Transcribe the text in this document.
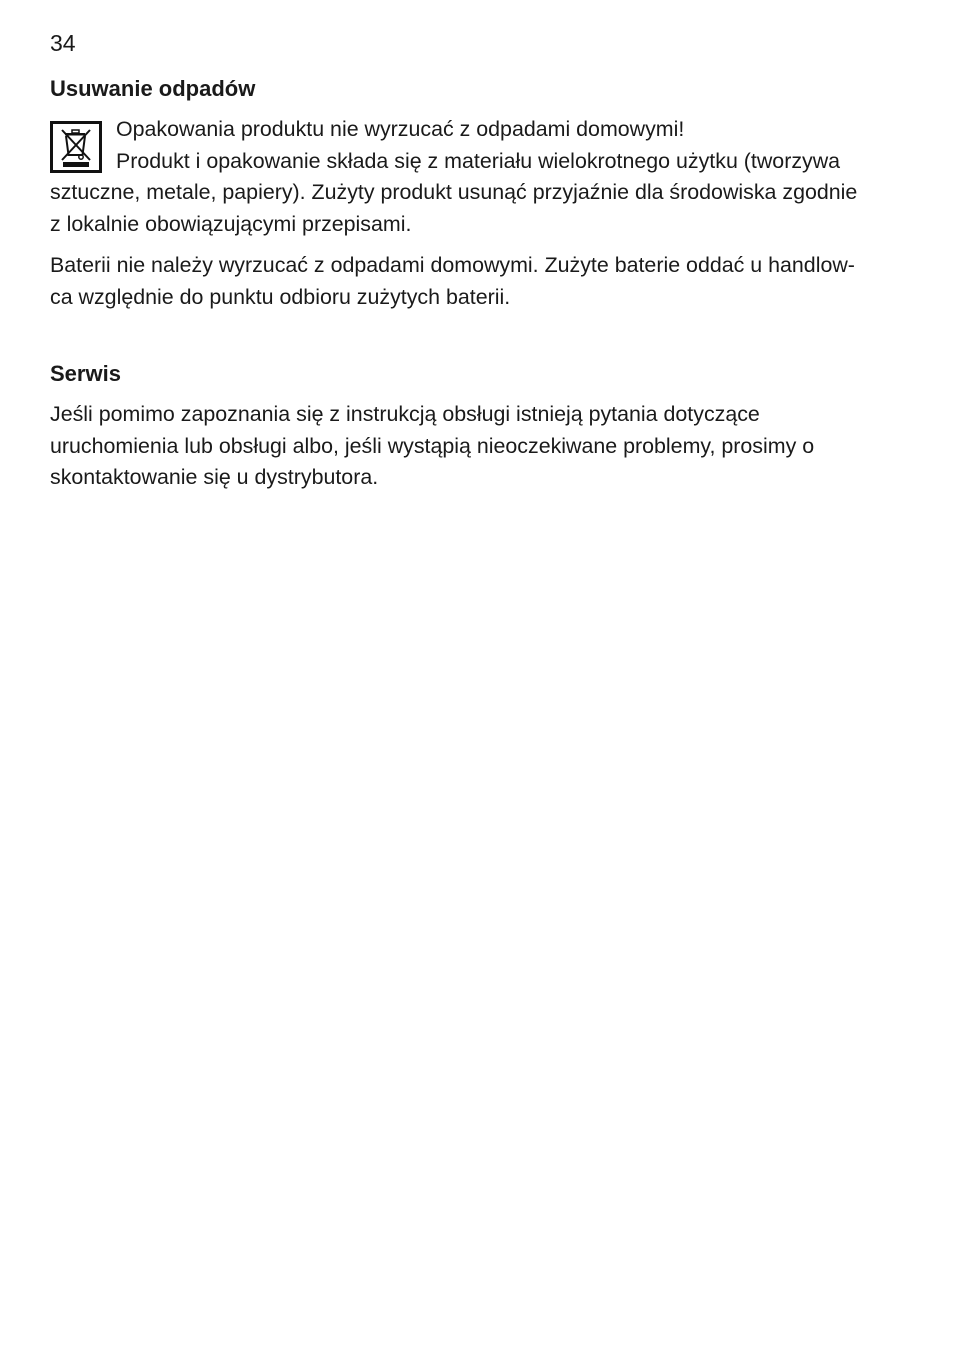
34
Usuwanie odpadów

Opakowania produktu nie wyrzucać z odpadami domowymi!
Produkt i opakowanie składa się z materiału wielokrotnego użytku (tworzywa
sztuczne, metale, papiery). Zużyty produkt usunąć przyjaźnie dla środowiska zgodnie
z lokalnie obowiązującymi przepisami.

Baterii nie należy wyrzucać z odpadami domowymi. Zużyte baterie oddać u handlow-
ca względnie do punktu odbioru zużytych baterii.

Serwis

Jeśli pomimo zapoznania się z instrukcją obsługi istnieją pytania dotyczące
uruchomienia lub obsługi albo, jeśli wystąpią nieoczekiwane problemy, prosimy o
skontaktowanie się u dystrybutora.
